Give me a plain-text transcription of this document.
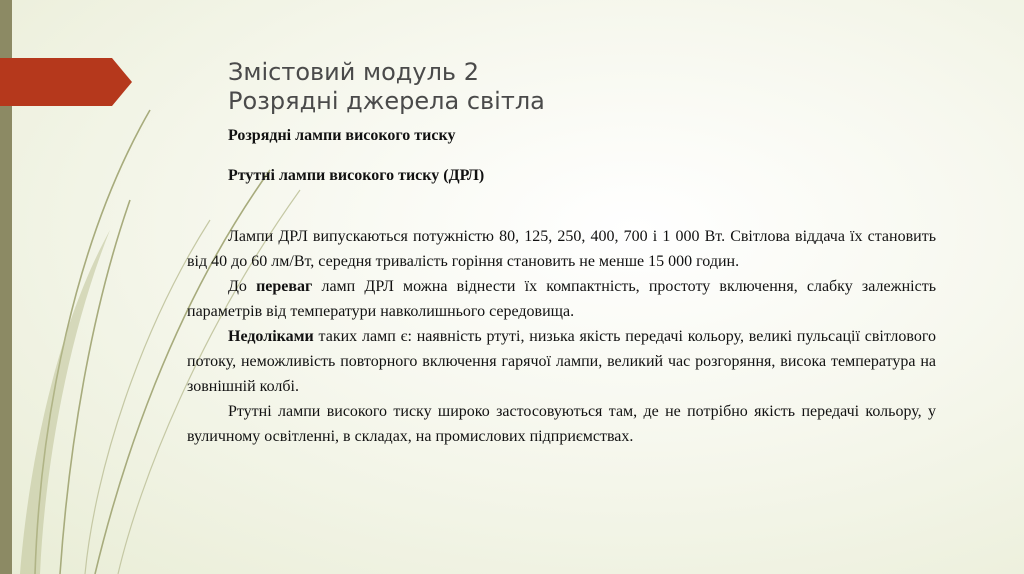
Змістовий модуль 2
Розрядні джерела світла

Розрядні лампи високого тиску

Ртутні лампи високого тиску (ДРЛ)

Лампи ДРЛ випускаються потужністю 80, 125, 250, 400, 700 і 1 000 Вт. Світлова віддача їх становить від 40 до 60 лм/Вт, середня тривалість горіння становить не менше 15 000 годин.

До переваг ламп ДРЛ можна віднести їх компактність, простоту включення, слабку залежність параметрів від температури навколишнього середовища.

Недоліками таких ламп є: наявність ртуті, низька якість передачі кольору, великі пульсації світлового потоку, неможливість повторного включення гарячої лампи, великий час розгоряння, висока температура на зовнішній колбі.

Ртутні лампи високого тиску широко застосовуються там, де не потрібно якість передачі кольору, у вуличному освітленні, в складах, на промислових підприємствах.
